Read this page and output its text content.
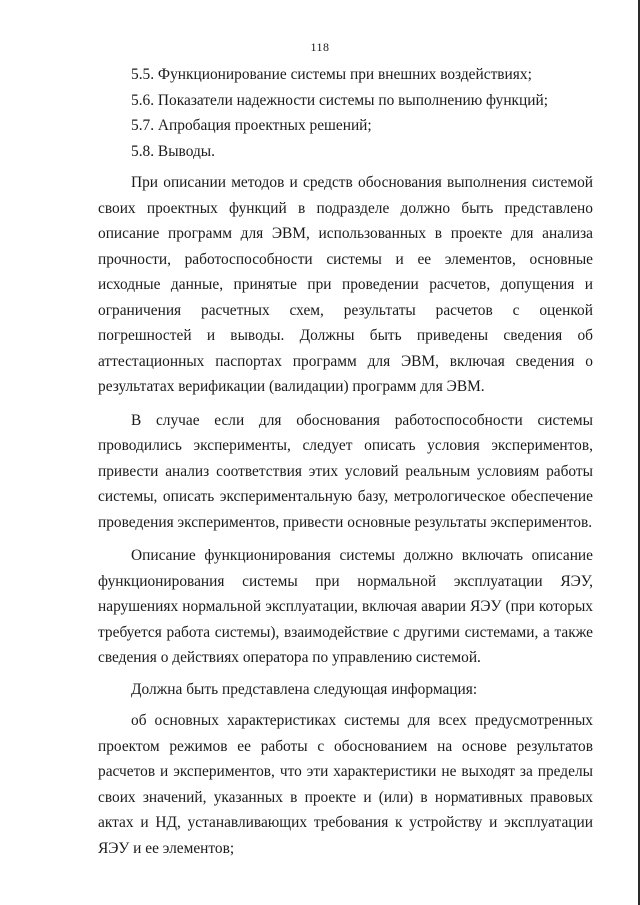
118

5.5. Функционирование системы при внешних воздействиях;

5.6. Показатели надежности системы по выполнению функций;

5.7. Апробация проектных решений;

5.8. Выводы.

При описании методов и средств обоснования выполнения системой своих проектных функций в подразделе должно быть представлено описание программ для ЭВМ, использованных в проекте для анализа прочности, работоспособности системы и ее элементов, основные исходные данные, принятые при проведении расчетов, допущения и ограничения расчетных схем, результаты расчетов с оценкой погрешностей и выводы. Должны быть приведены сведения об аттестационных паспортах программ для ЭВМ, включая сведения о результатах верификации (валидации) программ для ЭВМ.

В случае если для обоснования работоспособности системы проводились эксперименты, следует описать условия экспериментов, привести анализ соответствия этих условий реальным условиям работы системы, описать экспериментальную базу, метрологическое обеспечение проведения экспериментов, привести основные результаты экспериментов.

Описание функционирования системы должно включать описание функционирования системы при нормальной эксплуатации ЯЭУ, нарушениях нормальной эксплуатации, включая аварии ЯЭУ (при которых требуется работа системы), взаимодействие с другими системами, а также сведения о действиях оператора по управлению системой.

Должна быть представлена следующая информация:

об основных характеристиках системы для всех предусмотренных проектом режимов ее работы с обоснованием на основе результатов расчетов и экспериментов, что эти характеристики не выходят за пределы своих значений, указанных в проекте и (или) в нормативных правовых актах и НД, устанавливающих требования к устройству и эксплуатации ЯЭУ и ее элементов;
